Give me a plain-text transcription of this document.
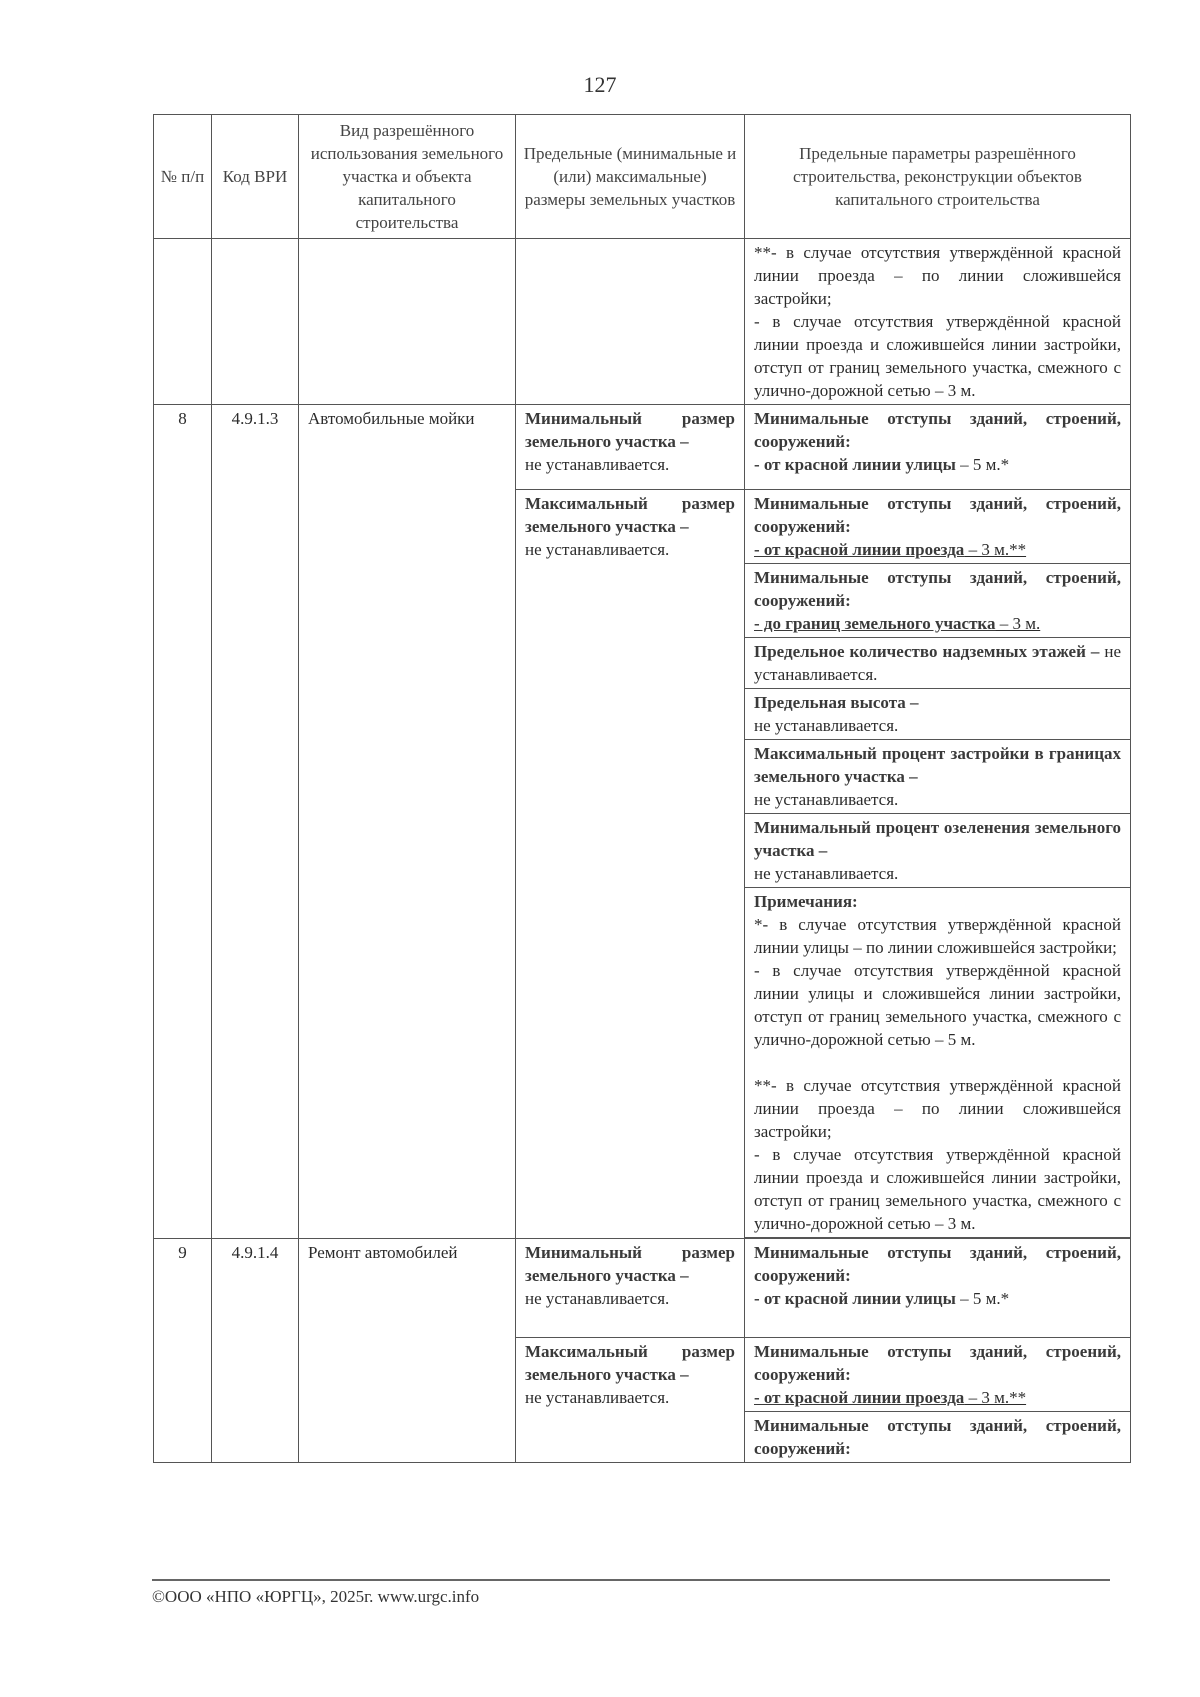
127
№ п/п	Код ВРИ	Вид разрешённого использования земельного участка и объекта капитального строительства	Предельные (минимальные и (или) максимальные) размеры земельных участков	Предельные параметры разрешённого строительства, реконструкции объектов капитального строительства

				**- в случае отсутствия утверждённой красной линии проезда – по линии сложившейся застройки;

- в случае отсутствия утверждённой красной линии проезда и сложившейся линии застройки, отступ от границ земельного участка, смежного с улично-дорожной сетью – 3 м.

8	4.9.1.3	Автомобильные мойки	Минимальный размер земельного участка –
не устанавливается.	Минимальные отступы зданий, строений, сооружений:
- от красной линии улицы – 5 м.*
			Максимальный размер земельного участка –
не устанавливается.	Минимальные отступы зданий, строений, сооружений:
- от красной линии проезда – 3 м.**
				Минимальные отступы зданий, строений, сооружений:
- до границ земельного участка – 3 м.
				Предельное количество надземных этажей – не устанавливается.
				Предельная высота –
не устанавливается.
				Максимальный процент застройки в границах земельного участка –
не устанавливается.
				Минимальный процент озеленения земельного участка –
не устанавливается.

				Примечания:

*- в случае отсутствия утверждённой красной линии улицы – по линии сложившейся застройки;

- в случае отсутствия утверждённой красной линии улицы и сложившейся линии застройки, отступ от границ земельного участка, смежного с улично-дорожной сетью – 5 м.

**- в случае отсутствия утверждённой красной линии проезда – по линии сложившейся застройки;

- в случае отсутствия утверждённой красной линии проезда и сложившейся линии застройки, отступ от границ земельного участка, смежного с улично-дорожной сетью – 3 м.

9	4.9.1.4	Ремонт автомобилей	Минимальный размер земельного участка –
не устанавливается.	Минимальные отступы зданий, строений, сооружений:
- от красной линии улицы – 5 м.*
			Максимальный размер земельного участка –
не устанавливается.	Минимальные отступы зданий, строений, сооружений:
- от красной линии проезда – 3 м.**
				Минимальные отступы зданий, строений, сооружений:
©ООО «НПО «ЮРГЦ», 2025г. www.urgc.info
